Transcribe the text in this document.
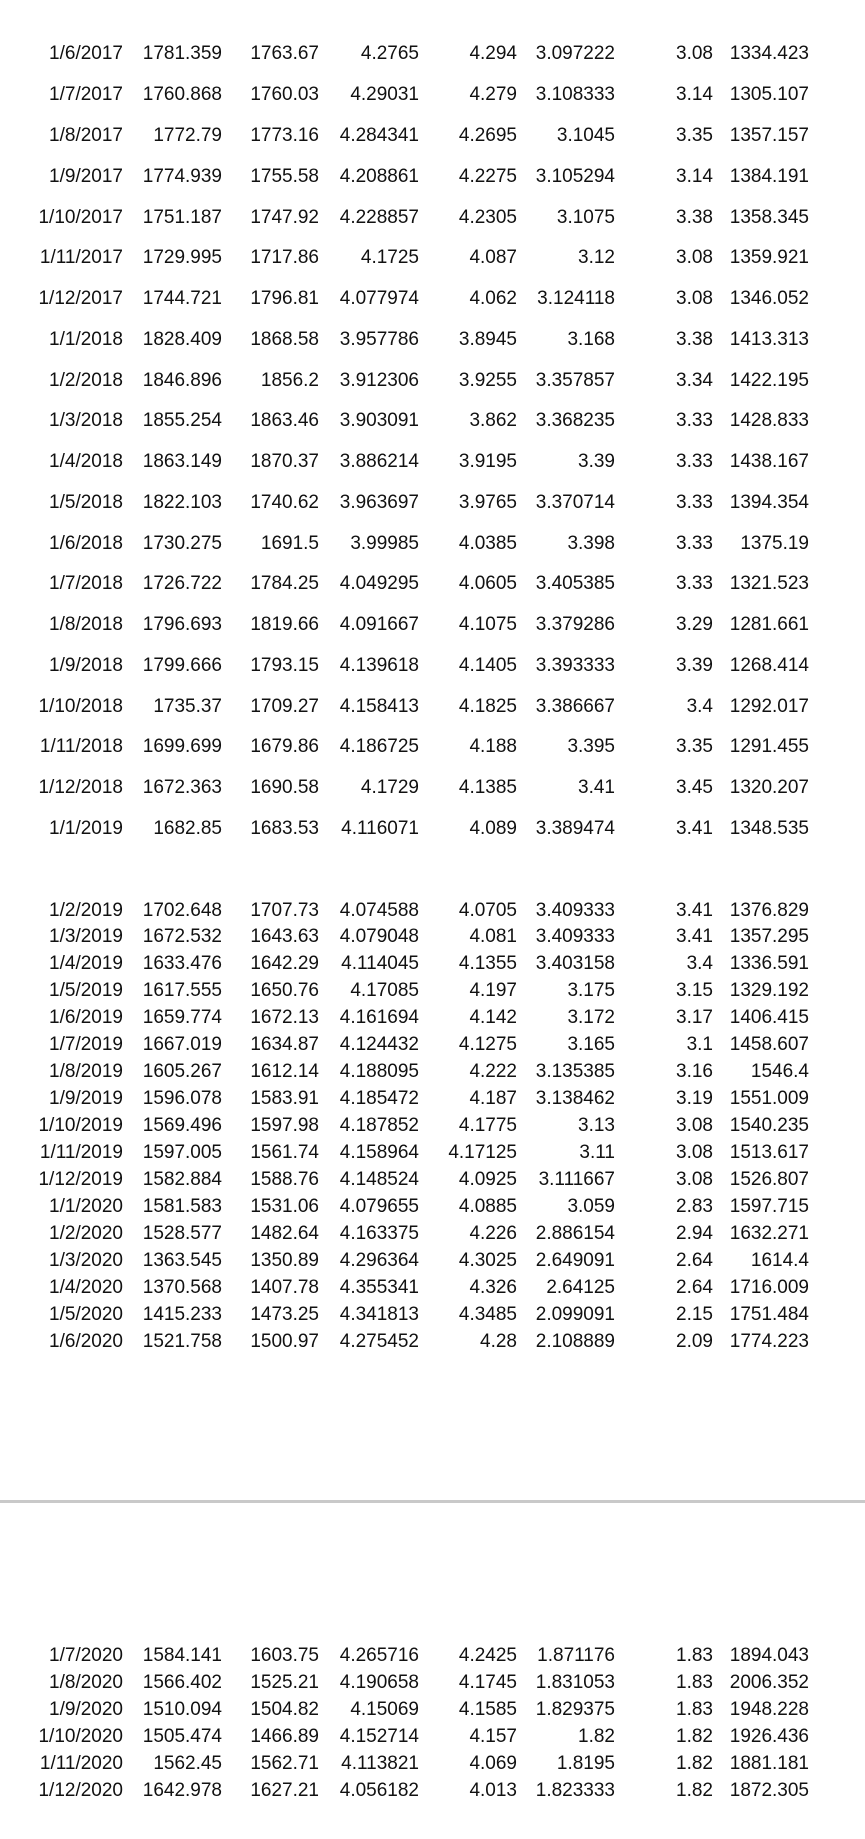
1/6/2017 1781.359 1763.67 4.2765	4.294 3.097222	3.08 1334.423
1/7/2017 1760.868 1760.03 4.29031	4.279 3.108333	3.14 1305.107
1/8/2017 1772.79 1773.16 4.284341 4.2695 3.1045	3.35 1357.157
1/9/2017 1774.939 1755.58 4.208861 4.2275 3.105294	3.14 1384.191
1/10/2017 1751.187 1747.92 4.228857 4.2305 3.1075	3.38 1358.345
1/11/2017 1729.995 1717.86 4.1725	4.087	3.12	3.08 1359.921
1/12/2017 1744.721 1796.81 4.077974	4.062 3.124118	3.08 1346.052
1/1/2018 1828.409 1868.58 3.957786 3.8945	3.168	3.38 1413.313
1/2/2018 1846.896 1856.2 3.912306 3.9255 3.357857	3.34 1422.195
1/3/2018 1855.254 1863.46 3.903091	3.862 3.368235	3.33 1428.833
1/4/2018 1863.149 1870.37 3.886214 3.9195	3.39	3.33 1438.167
1/5/2018 1822.103 1740.62 3.963697 3.9765 3.370714	3.33 1394.354
1/6/2018 1730.275 1691.5 3.99985 4.0385	3.398	3.33 1375.19
1/7/2018 1726.722 1784.25 4.049295 4.0605 3.405385	3.33 1321.523
1/8/2018 1796.693 1819.66 4.091667 4.1075 3.379286	3.29 1281.661
1/9/2018 1799.666 1793.15 4.139618 4.1405 3.393333	3.39 1268.414
1/10/2018 1735.37 1709.27 4.158413 4.1825 3.386667	3.4 1292.017
1/11/2018 1699.699 1679.86 4.186725	4.188	3.395	3.35 1291.455
1/12/2018 1672.363 1690.58 4.1729 4.1385	3.41	3.45 1320.207
1/1/2019 1682.85 1683.53 4.116071	4.089 3.389474	3.41 1348.535
1/2/2019 1702.648 1707.73 4.074588 4.0705 3.409333	3.41 1376.829
1/3/2019 1672.532 1643.63 4.079048	4.081 3.409333	3.41 1357.295
1/4/2019 1633.476 1642.29 4.114045 4.1355 3.403158	3.4 1336.591
1/5/2019 1617.555 1650.76 4.17085	4.197	3.175	3.15 1329.192
1/6/2019 1659.774 1672.13 4.161694	4.142	3.172	3.17 1406.415
1/7/2019 1667.019 1634.87 4.124432 4.1275	3.165	3.1 1458.607
1/8/2019 1605.267 1612.14 4.188095	4.222 3.135385	3.16 1546.4
1/9/2019 1596.078 1583.91 4.185472	4.187 3.138462	3.19 1551.009
1/10/2019 1569.496 1597.98 4.187852 4.1775	3.13	3.08 1540.235
1/11/2019 1597.005 1561.74 4.158964 4.17125	3.11	3.08 1513.617
1/12/2019 1582.884 1588.76 4.148524 4.0925 3.111667	3.08 1526.807
1/1/2020 1581.583 1531.06 4.079655 4.0885	3.059	2.83 1597.715
1/2/2020 1528.577 1482.64 4.163375	4.226 2.886154	2.94 1632.271
1/3/2020 1363.545 1350.89 4.296364 4.3025 2.649091	2.64 1614.4
1/4/2020 1370.568 1407.78 4.355341	4.326 2.64125	2.64 1716.009
1/5/2020 1415.233 1473.25 4.341813 4.3485 2.099091	2.15 1751.484
1/6/2020 1521.758 1500.97 4.275452	4.28 2.108889	2.09 1774.223
1/7/2020 1584.141 1603.75 4.265716 4.2425 1.871176	1.83 1894.043
1/8/2020 1566.402 1525.21 4.190658 4.1745 1.831053	1.83 2006.352
1/9/2020 1510.094 1504.82 4.15069 4.1585 1.829375	1.83 1948.228
1/10/2020 1505.474 1466.89 4.152714	4.157	1.82	1.82 1926.436
1/11/2020 1562.45 1562.71 4.113821	4.069 1.8195	1.82 1881.181
1/12/2020 1642.978 1627.21 4.056182	4.013 1.823333	1.82 1872.305
